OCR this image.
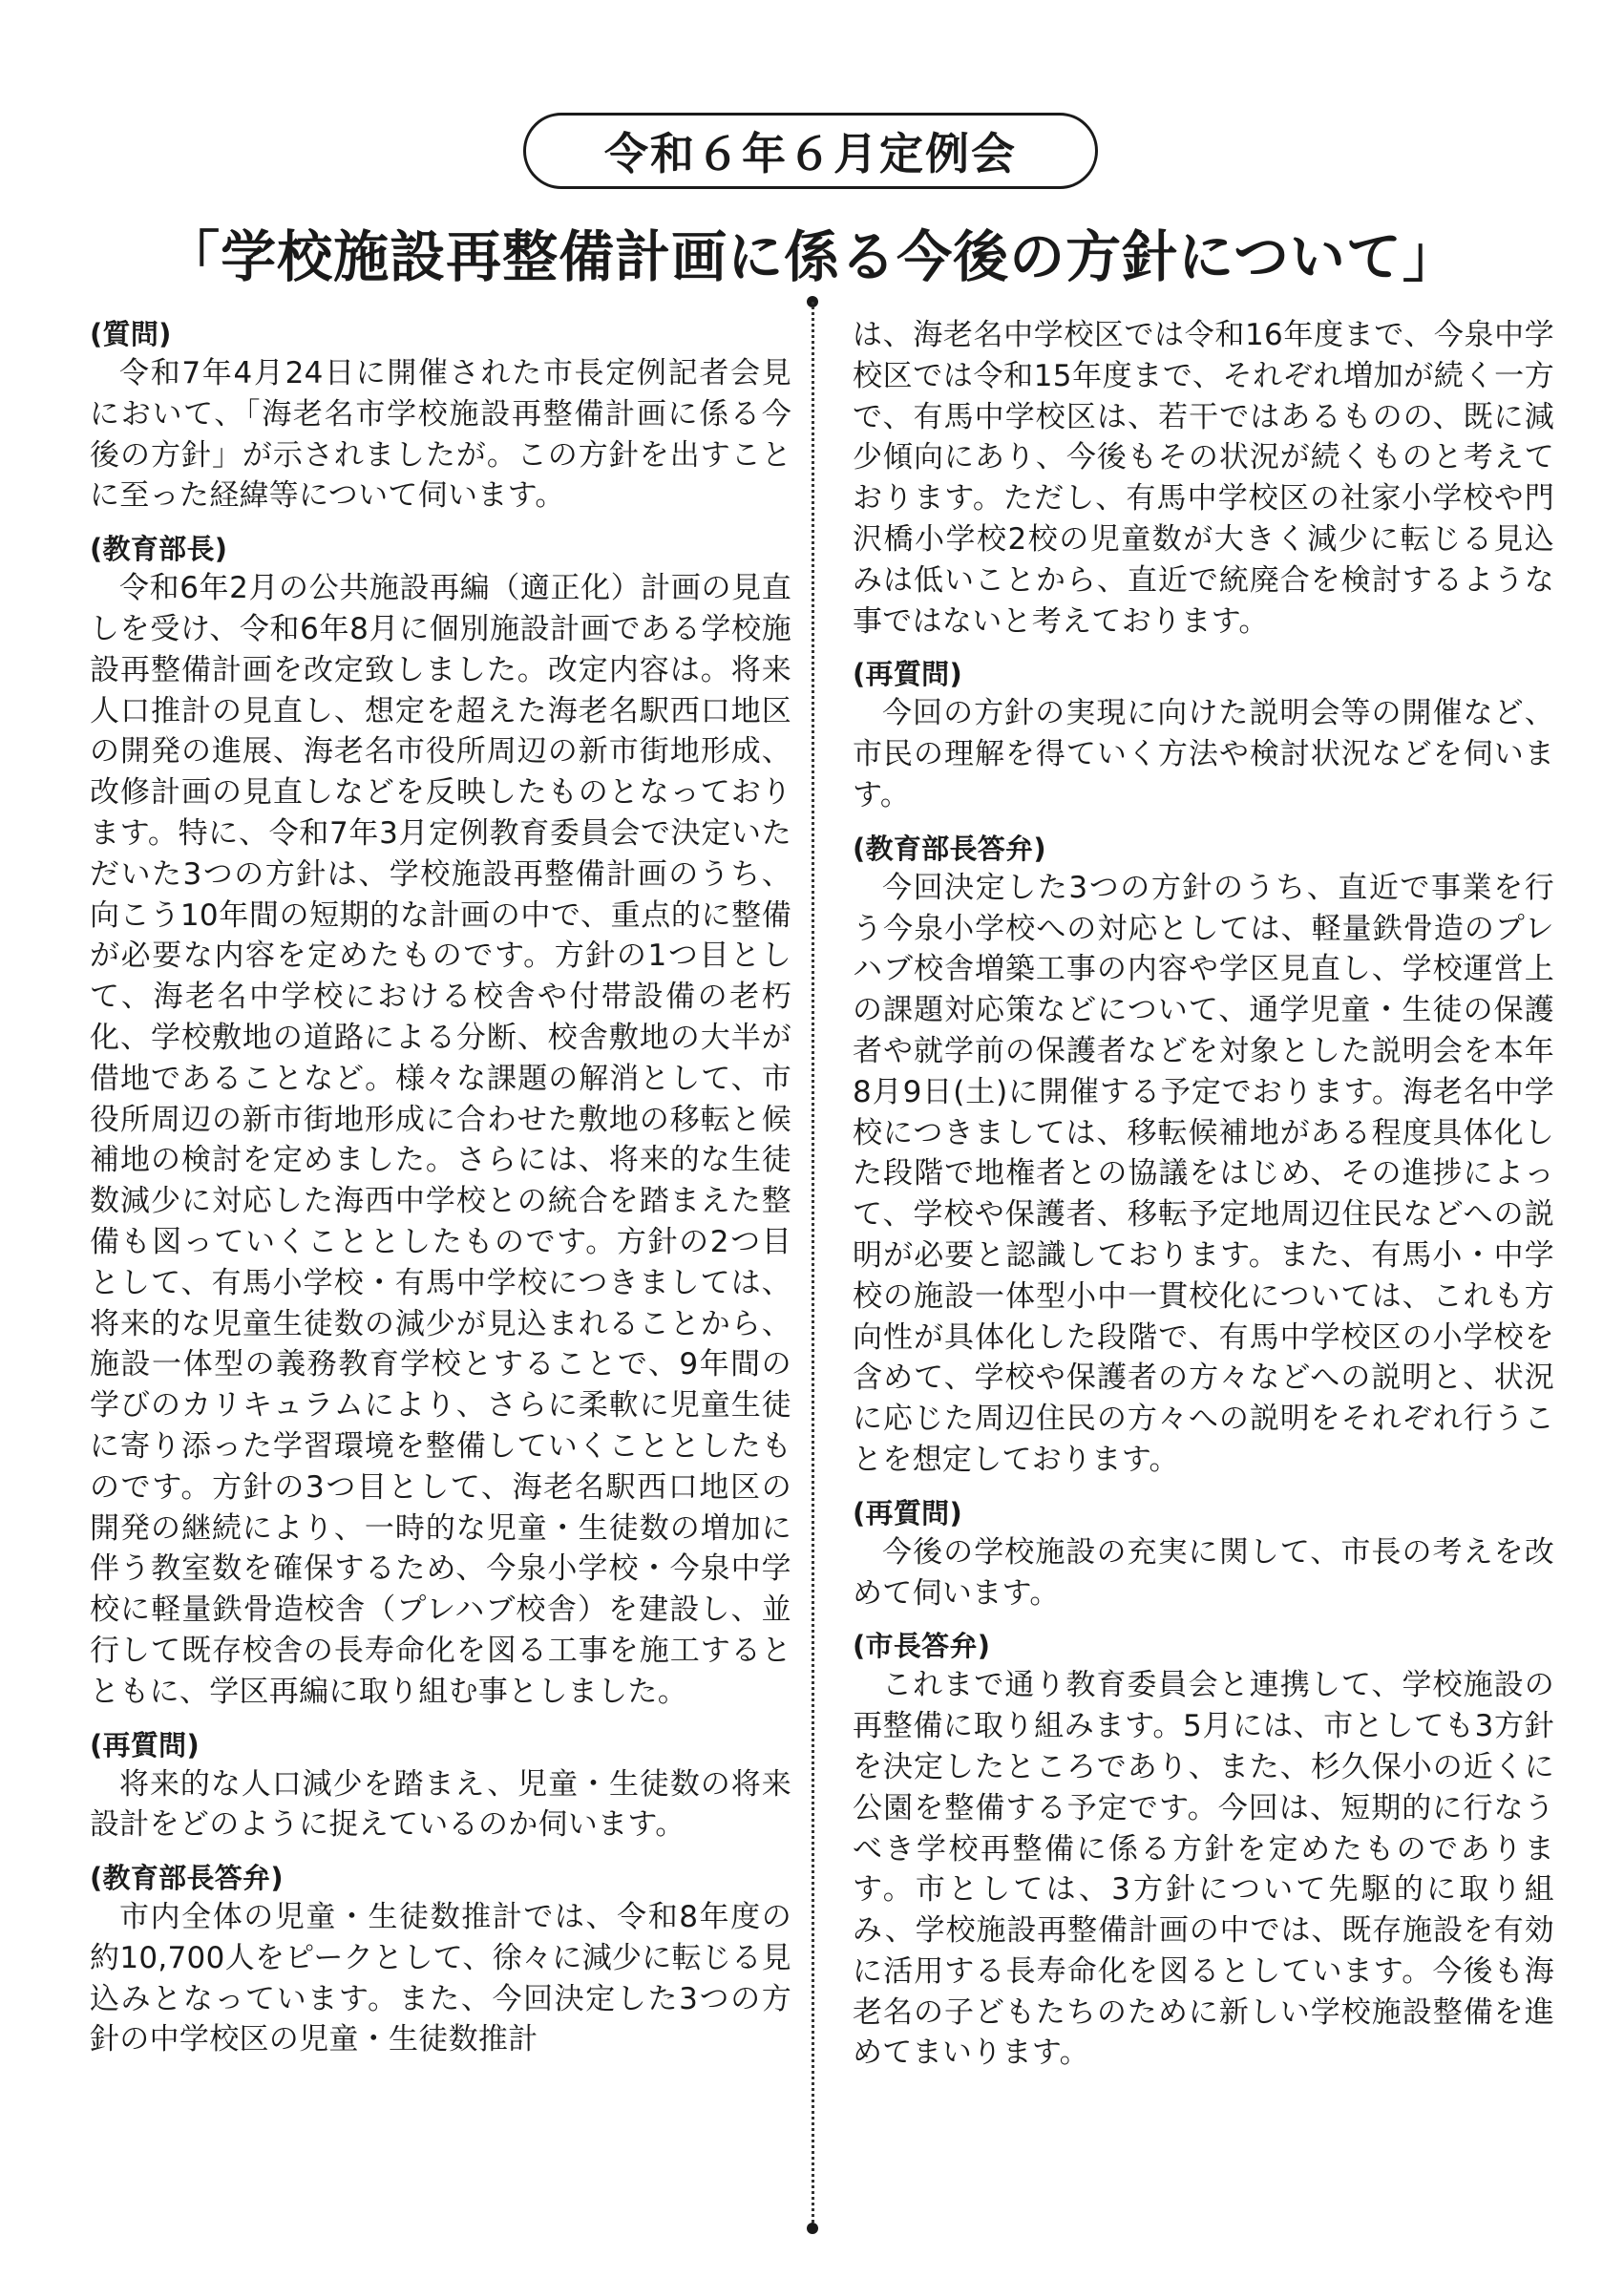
令和６年６月定例会
「学校施設再整備計画に係る今後の方針について」
(質問)
令和7年4月24日に開催された市長定例記者会見において、「海老名市学校施設再整備計画に係る今後の方針」が示されましたが。この方針を出すことに至った経緯等について伺います。
(教育部長)
令和6年2月の公共施設再編（適正化）計画の見直しを受け、令和6年8月に個別施設計画である学校施設再整備計画を改定致しました。改定内容は。将来人口推計の見直し、想定を超えた海老名駅西口地区の開発の進展、海老名市役所周辺の新市街地形成、改修計画の見直しなどを反映したものとなっております。特に、令和7年3月定例教育委員会で決定いただいた3つの方針は、学校施設再整備計画のうち、向こう10年間の短期的な計画の中で、重点的に整備が必要な内容を定めたものです。方針の1つ目として、海老名中学校における校舎や付帯設備の老朽化、学校敷地の道路による分断、校舎敷地の大半が借地であることなど。様々な課題の解消として、市役所周辺の新市街地形成に合わせた敷地の移転と候補地の検討を定めました。さらには、将来的な生徒数減少に対応した海西中学校との統合を踏まえた整備も図っていくこととしたものです。方針の2つ目として、有馬小学校・有馬中学校につきましては、将来的な児童生徒数の減少が見込まれることから、施設一体型の義務教育学校とすることで、9年間の学びのカリキュラムにより、さらに柔軟に児童生徒に寄り添った学習環境を整備していくこととしたものです。方針の3つ目として、海老名駅西口地区の開発の継続により、一時的な児童・生徒数の増加に伴う教室数を確保するため、今泉小学校・今泉中学校に軽量鉄骨造校舎（プレハブ校舎）を建設し、並行して既存校舎の長寿命化を図る工事を施工するとともに、学区再編に取り組む事としました。
(再質問)
将来的な人口減少を踏まえ、児童・生徒数の将来設計をどのように捉えているのか伺います。
(教育部長答弁)
市内全体の児童・生徒数推計では、令和8年度の約10,700人をピークとして、徐々に減少に転じる見込みとなっています。また、今回決定した3つの方針の中学校区の児童・生徒数推計
は、海老名中学校区では令和16年度まで、今泉中学校区では令和15年度まで、それぞれ増加が続く一方で、有馬中学校区は、若干ではあるものの、既に減少傾向にあり、今後もその状況が続くものと考えております。ただし、有馬中学校区の社家小学校や門沢橋小学校2校の児童数が大きく減少に転じる見込みは低いことから、直近で統廃合を検討するような事ではないと考えております。
(再質問)
今回の方針の実現に向けた説明会等の開催など、市民の理解を得ていく方法や検討状況などを伺います。
(教育部長答弁)
今回決定した3つの方針のうち、直近で事業を行う今泉小学校への対応としては、軽量鉄骨造のプレハブ校舎増築工事の内容や学区見直し、学校運営上の課題対応策などについて、通学児童・生徒の保護者や就学前の保護者などを対象とした説明会を本年8月9日(土)に開催する予定でおります。海老名中学校につきましては、移転候補地がある程度具体化した段階で地権者との協議をはじめ、その進捗によって、学校や保護者、移転予定地周辺住民などへの説明が必要と認識しております。また、有馬小・中学校の施設一体型小中一貫校化については、これも方向性が具体化した段階で、有馬中学校区の小学校を含めて、学校や保護者の方々などへの説明と、状況に応じた周辺住民の方々への説明をそれぞれ行うことを想定しております。
(再質問)
今後の学校施設の充実に関して、市長の考えを改めて伺います。
(市長答弁)
これまで通り教育委員会と連携して、学校施設の再整備に取り組みます。5月には、市としても3方針を決定したところであり、また、杉久保小の近くに公園を整備する予定です。今回は、短期的に行なうべき学校再整備に係る方針を定めたものであります。市としては、3方針について先駆的に取り組み、学校施設再整備計画の中では、既存施設を有効に活用する長寿命化を図るとしています。今後も海老名の子どもたちのために新しい学校施設整備を進めてまいります。
